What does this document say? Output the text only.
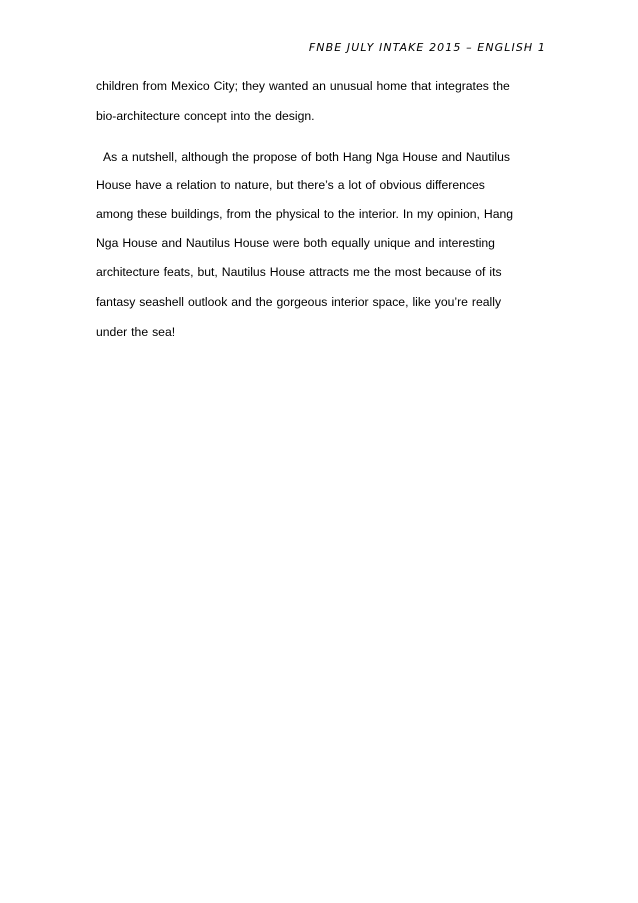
FNBE JULY INTAKE 2015 – ENGLISH 1
children from Mexico City; they wanted an unusual home that integrates the
bio-architecture concept into the design.
As a nutshell, although the propose of both Hang Nga House and Nautilus
House have a relation to nature, but there’s a lot of obvious differences
among these buildings, from the physical to the interior. In my opinion, Hang
Nga House and Nautilus House were both equally unique and interesting
architecture feats, but, Nautilus House attracts me the most because of its
fantasy seashell outlook and the gorgeous interior space, like you’re really
under the sea!
